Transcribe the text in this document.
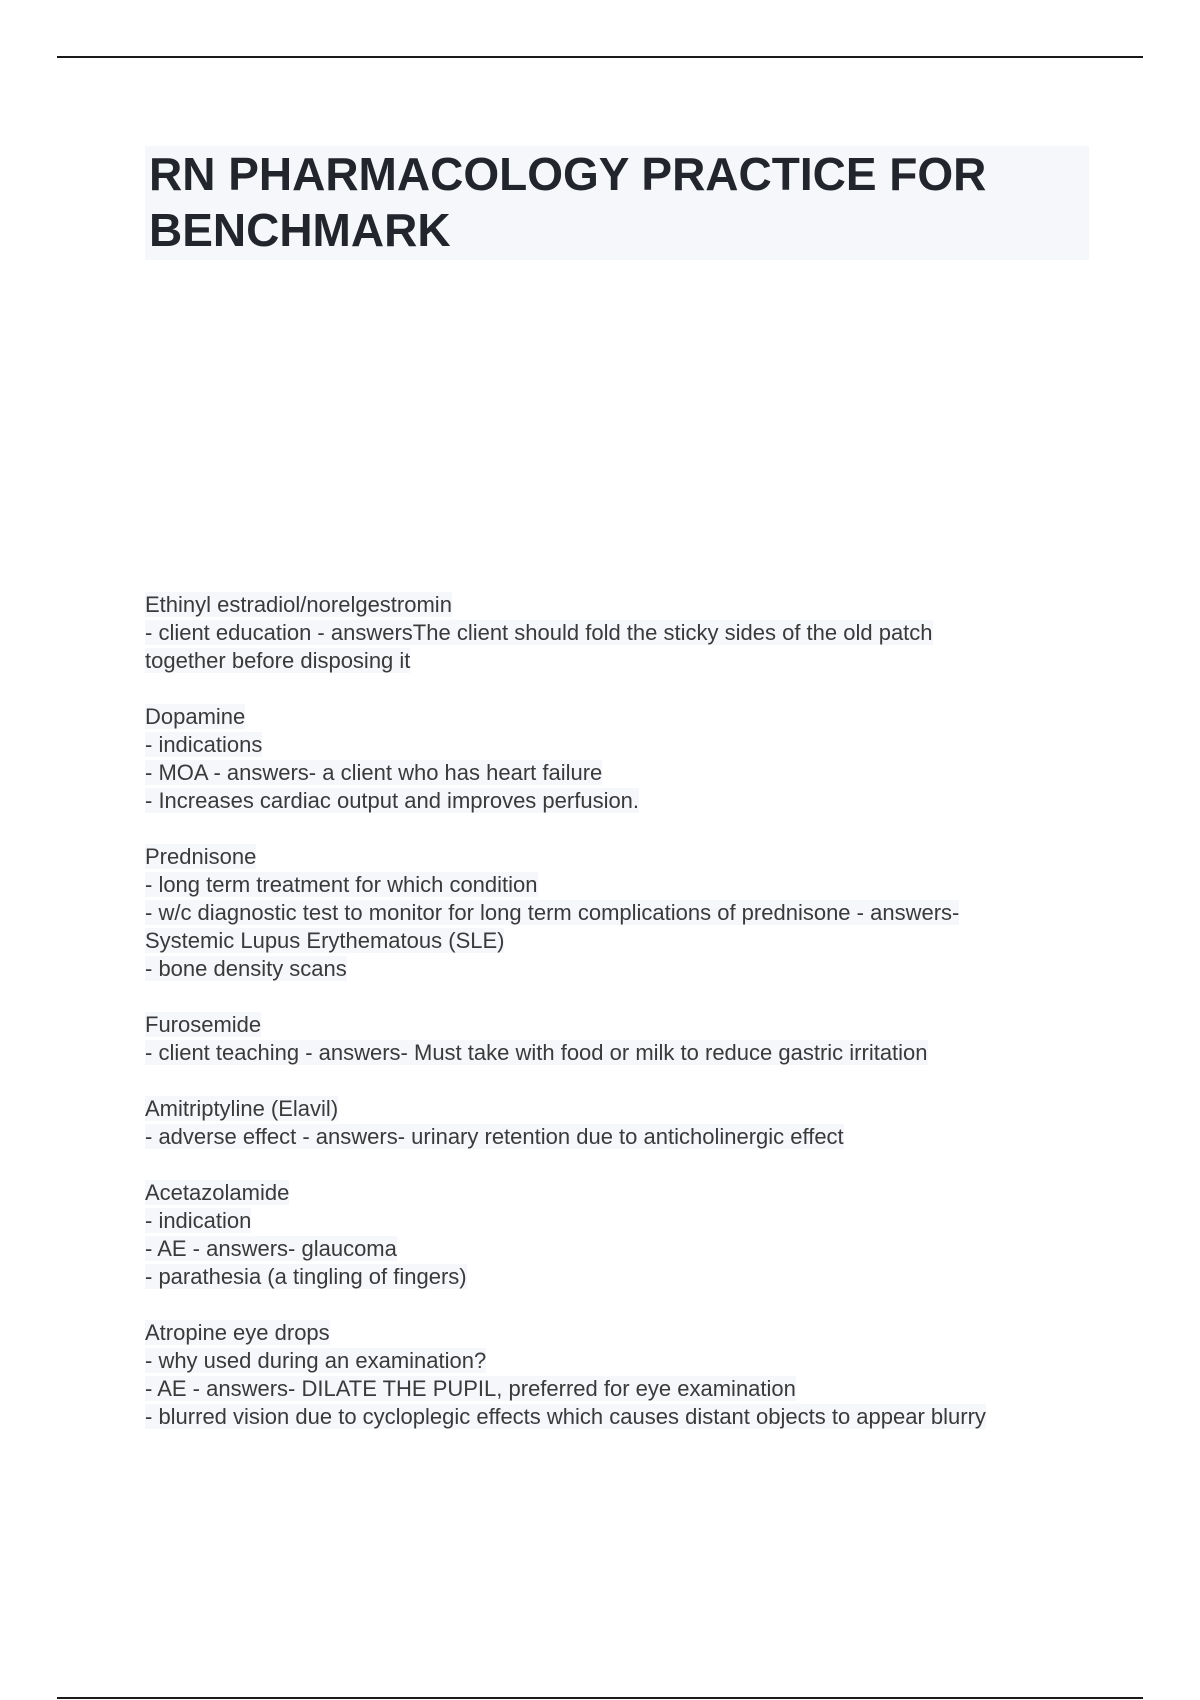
RN PHARMACOLOGY PRACTICE FOR BENCHMARK
Ethinyl estradiol/norelgestromin
- client education - answersThe client should fold the sticky sides of the old patch
together before disposing it
Dopamine
- indications
- MOA - answers- a client who has heart failure
- Increases cardiac output and improves perfusion.
Prednisone
- long term treatment for which condition
- w/c diagnostic test to monitor for long term complications of prednisone - answers-
Systemic Lupus Erythematous (SLE)
- bone density scans
Furosemide
- client teaching - answers- Must take with food or milk to reduce gastric irritation
Amitriptyline (Elavil)
- adverse effect - answers- urinary retention due to anticholinergic effect
Acetazolamide
- indication
- AE - answers- glaucoma
- parathesia (a tingling of fingers)
Atropine eye drops
- why used during an examination?
- AE - answers- DILATE THE PUPIL, preferred for eye examination
- blurred vision due to cycloplegic effects which causes distant objects to appear blurry
